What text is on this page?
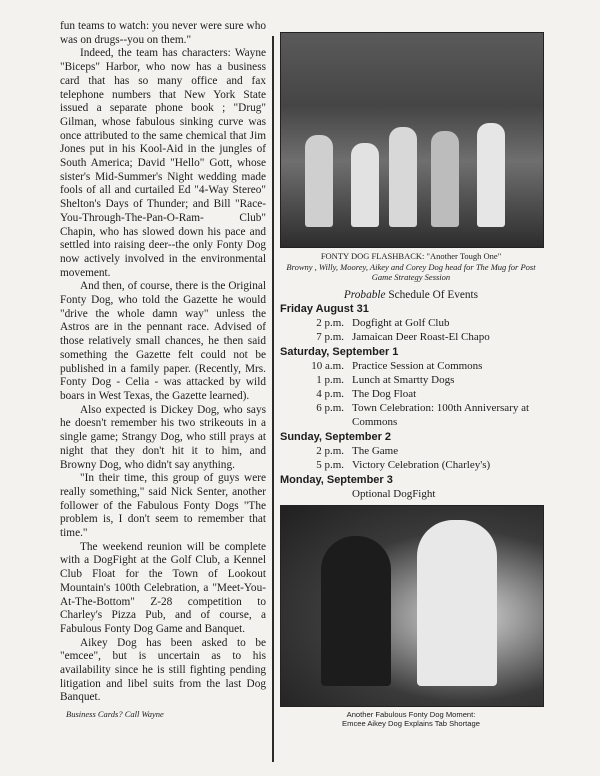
fun teams to watch: you never were sure who was on drugs--you on them."

Indeed, the team has characters: Wayne "Biceps" Harbor, who now has a business card that has so many office and fax telephone numbers that New York State issued a separate phone book ; "Drug" Gilman, whose fabulous sinking curve was once attributed to the same chemical that Jim Jones put in his Kool-Aid in the jungles of South America; David "Hello" Gott, whose sister's Mid-Summer's Night wedding made fools of all and curtailed Ed "4-Way Stereo" Shelton's Days of Thunder; and Bill "Race-You-Through-The-Pan-O-Ram- Club" Chapin, who has slowed down his pace and settled into raising deer--the only Fonty Dog now actively involved in the environmental movement.

And then, of course, there is the Original Fonty Dog, who told the Gazette he would "drive the whole damn way" unless the Astros are in the pennant race. Advised of those relatively small chances, he then said something the Gazette felt could not be published in a family paper. (Recently, Mrs. Fonty Dog - Celia - was attacked by wild boars in West Texas, the Gazette learned).

Also expected is Dickey Dog, who says he doesn't remember his two strikeouts in a single game; Strangy Dog, who still prays at night that they don't hit it to him, and Browny Dog, who didn't say anything.

"In their time, this group of guys were really something," said Nick Senter, another follower of the Fabulous Fonty Dogs "The problem is, I don't seem to remember that time."

The weekend reunion will be complete with a DogFight at the Golf Club, a Kennel Club Float for the Town of Lookout Mountain's 100th Celebration, a "Meet-You-At-The-Bottom" Z-28 competition to Charley's Pizza Pub, and of course, a Fabulous Fonty Dog Game and Banquet.

Aikey Dog has been asked to be "emcee", but is uncertain as to his availability since he is still fighting pending litigation and libel suits from the last Dog Banquet.

Business Cards? Call Wayne

FONTY DOG FLASHBACK: "Another Tough One"
Browny , Willy, Moorey, Aikey and Corey Dog head for The Mug for Post Game Strategy Session
Probable Schedule Of Events
Friday August 31
2 p.m. Dogfight at Golf Club
7 p.m. Jamaican Deer Roast-El Chapo
Saturday, September 1
10 a.m. Practice Session at Commons
1 p.m. Lunch at Smartty Dogs
4 p.m. The Dog Float
6 p.m. Town Celebration: 100th Anniversary at Commons
Sunday, September 2
2 p.m. The Game
5 p.m. Victory Celebration (Charley's)
Monday, September 3
Optional DogFight
Another Fabulous Fonty Dog Moment:
Emcee Aikey Dog Explains Tab Shortage
